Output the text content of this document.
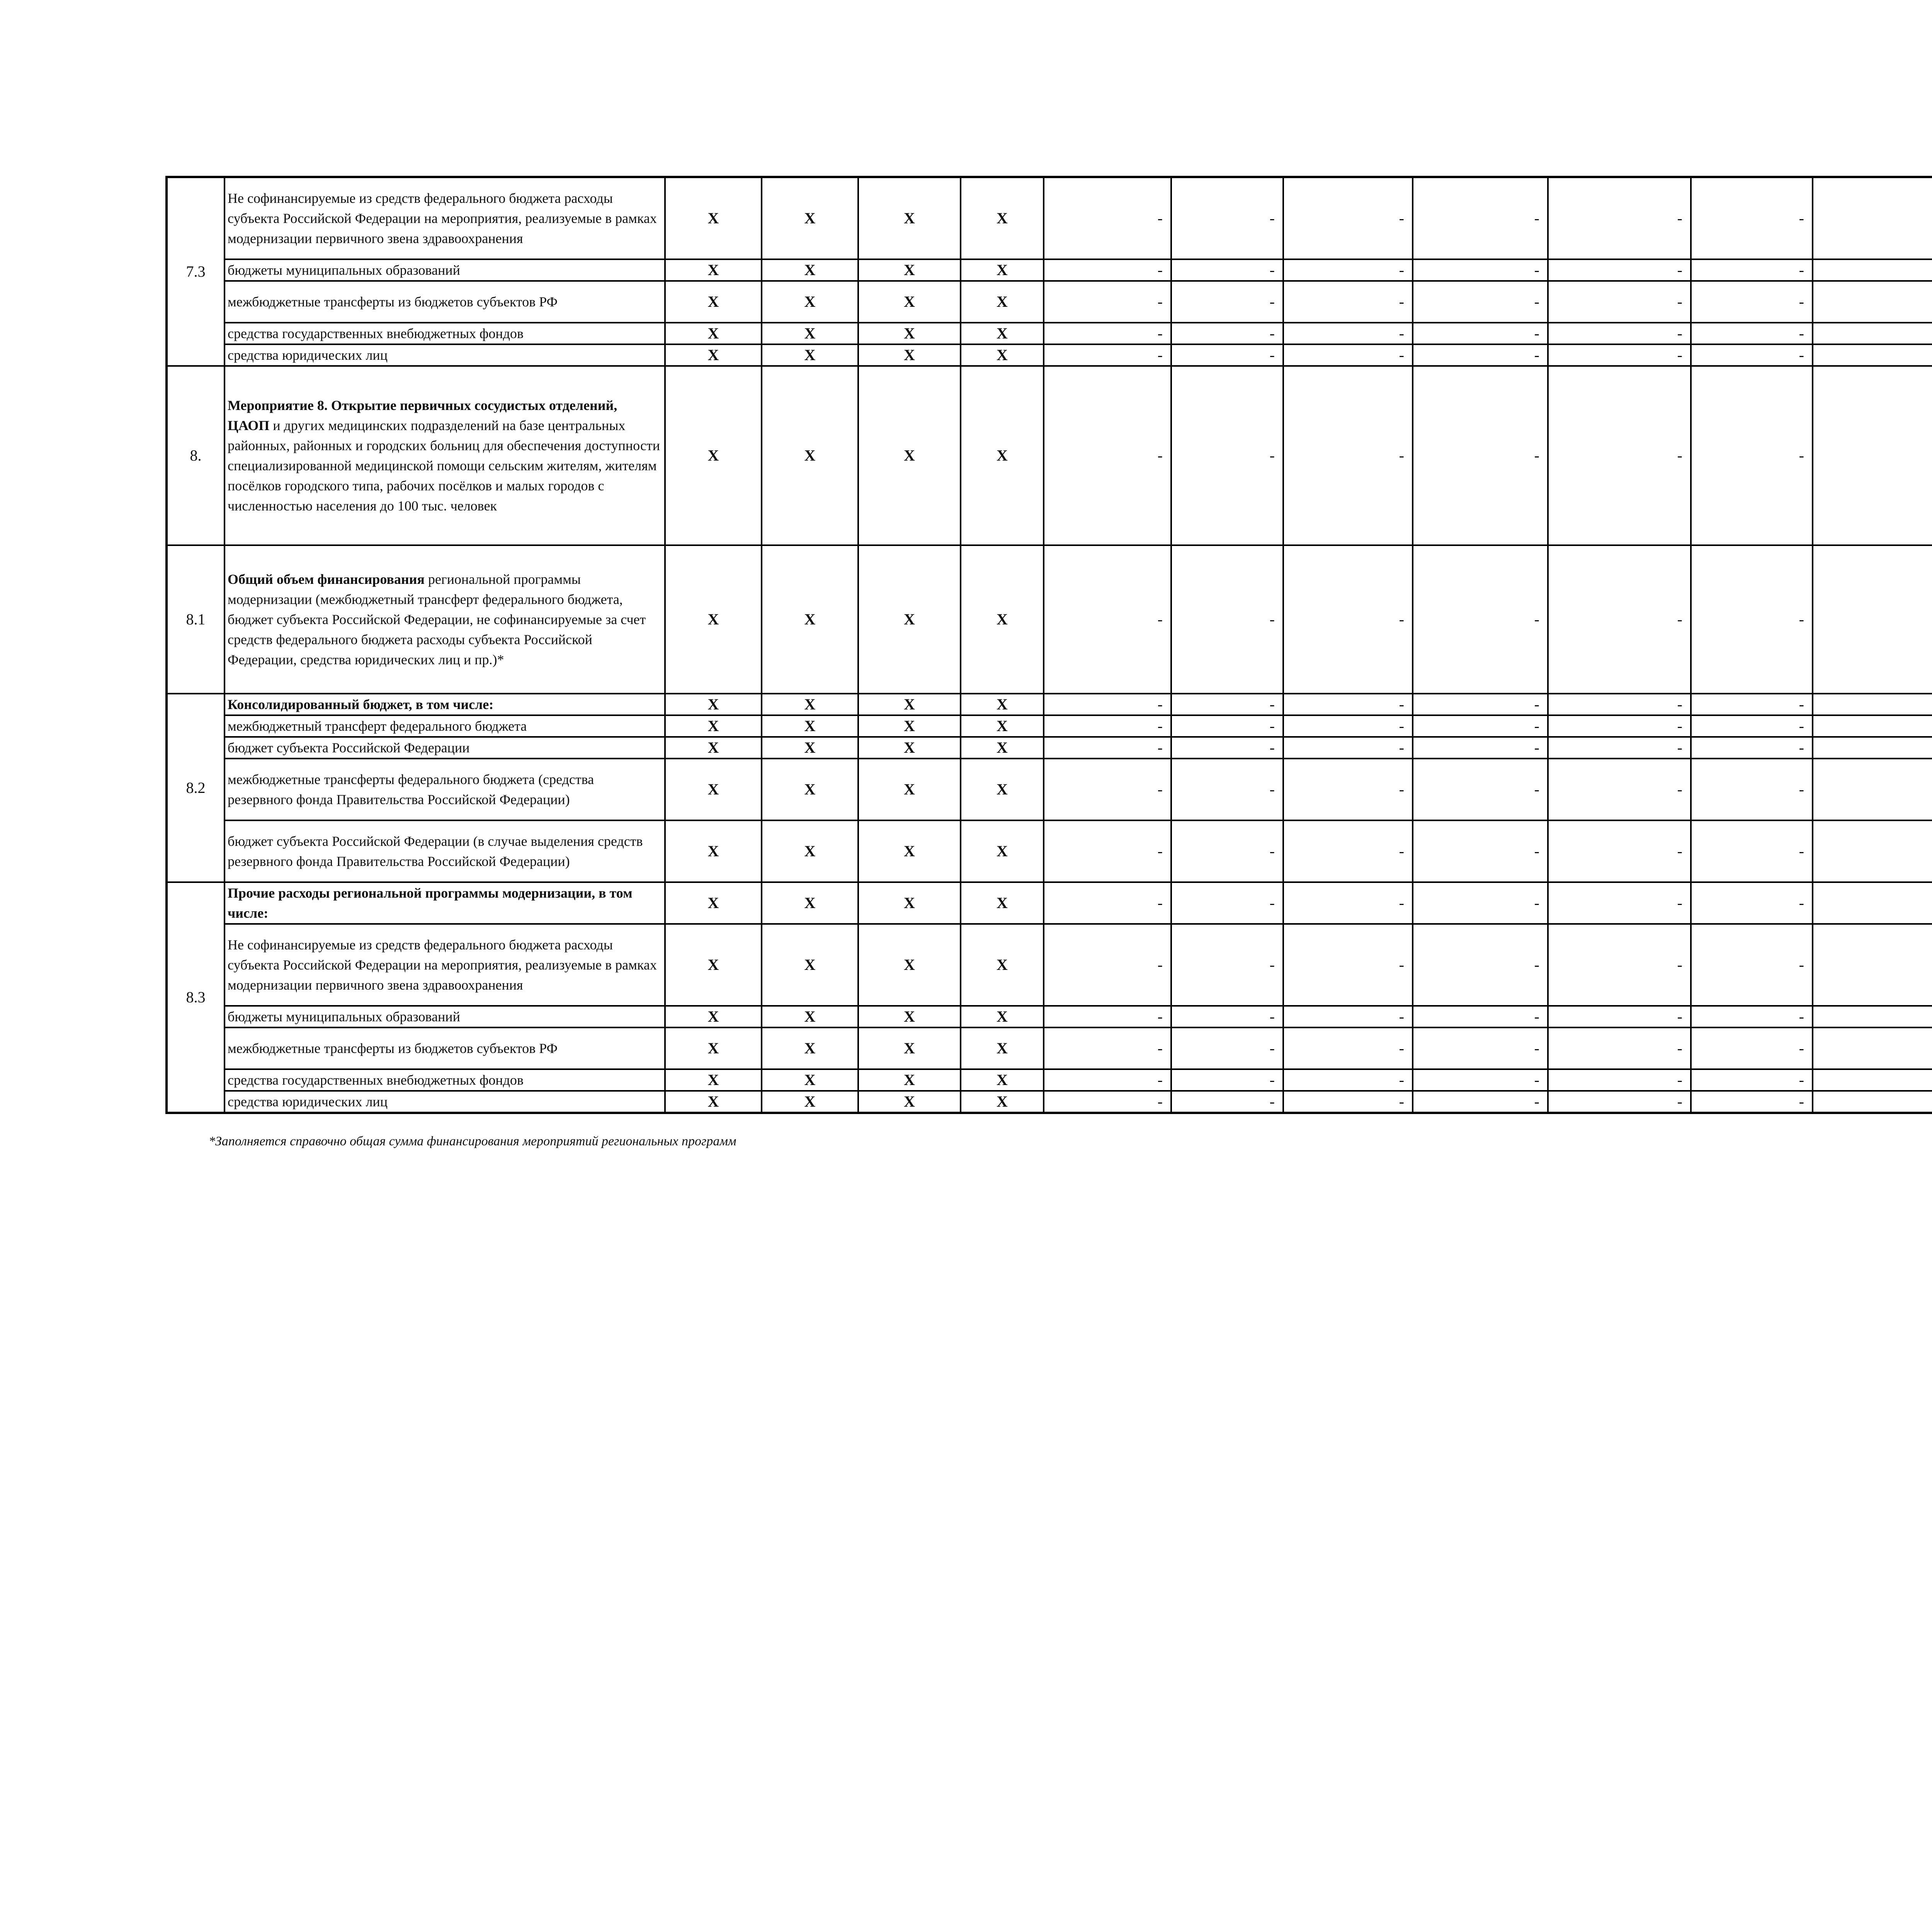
7.3	Не софинансируемые из средств федерального бюджета расходы субъекта Российской Федерации на мероприятия, реализуемые в рамках модернизации первичного звена здравоохранения	X	X	X	X	-	-	-	-	-	-							
	бюджеты муниципальных образований	X	X	X	X	-	-	-	-	-	-							
	межбюджетные трансферты из бюджетов субъектов РФ	X	X	X	X	-	-	-	-	-	-							
	средства государственных внебюджетных фондов	X	X	X	X	-	-	-	-	-	-							
	средства юридических лиц	X	X	X	X	-	-	-	-	-	-							
8.	Мероприятие 8. Открытие первичных сосудистых отделений, ЦАОП и других медицинских подразделений на базе центральных районных, районных и городских больниц для обеспечения доступности специализированной медицинской помощи сельским жителям, жителям посёлков городского типа, рабочих посёлков и малых городов с численностью населения до 100 тыс. человек	X	X	X	X	-	-	-	-	-	-							
8.1	Общий объем финансирования региональной программы модернизации (межбюджетный трансферт федерального бюджета, бюджет субъекта Российской Федерации, не софинансируемые за счет средств федерального бюджета расходы субъекта Российской Федерации, средства юридических лиц и пр.)*	X	X	X	X	-	-	-	-	-	-							
8.2	Консолидированный бюджет, в том числе:	X	X	X	X	-	-	-	-	-	-							
	межбюджетный трансферт федерального бюджета	X	X	X	X	-	-	-	-	-	-							
	бюджет субъекта Российской Федерации	X	X	X	X	-	-	-	-	-	-							
	межбюджетные трансферты федерального бюджета (средства резервного фонда Правительства Российской Федерации)	X	X	X	X	-	-	-	-	-	-							
	бюджет субъекта Российской Федерации (в случае выделения средств резервного фонда Правительства Российской Федерации)	X	X	X	X	-	-	-	-	-	-							
8.3	Прочие расходы региональной программы модернизации, в том числе:	X	X	X	X	-	-	-	-	-	-							
	Не софинансируемые из средств федерального бюджета расходы субъекта Российской Федерации на мероприятия, реализуемые в рамках модернизации первичного звена здравоохранения	X	X	X	X	-	-	-	-	-	-							
	бюджеты муниципальных образований	X	X	X	X	-	-	-	-	-	-							
	межбюджетные трансферты из бюджетов субъектов РФ	X	X	X	X	-	-	-	-	-	-							
	средства государственных внебюджетных фондов	X	X	X	X	-	-	-	-	-	-							
	средства юридических лиц	X	X	X	X	-	-	-	-	-	-							
*Заполняется справочно общая сумма финансирования мероприятий региональных программ
